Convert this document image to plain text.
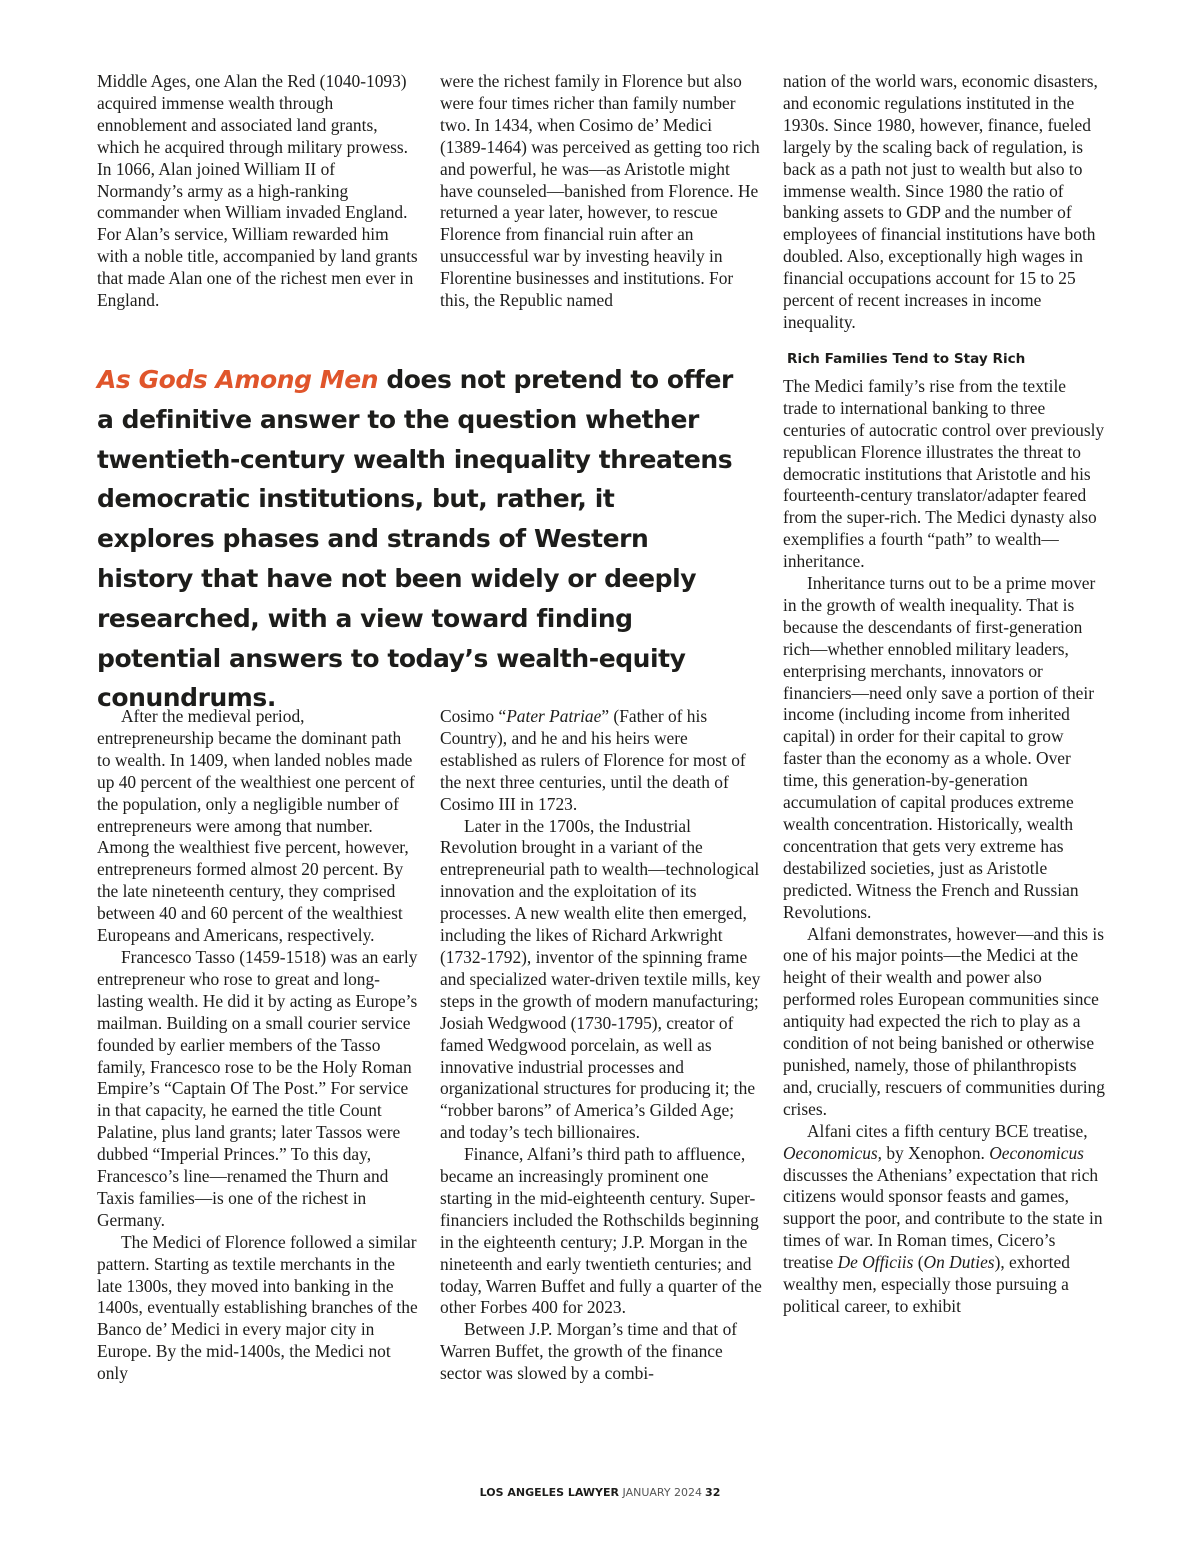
Middle Ages, one Alan the Red (1040-1093) acquired immense wealth through ennoblement and associated land grants, which he acquired through military prowess. In 1066, Alan joined William II of Normandy’s army as a high-ranking commander when William invaded England. For Alan’s service, William rewarded him with a noble title, accompanied by land grants that made Alan one of the richest men ever in England.

were the richest family in Florence but also were four times richer than family number two. In 1434, when Cosimo de’ Medici (1389-1464) was perceived as getting too rich and powerful, he was—as Aristotle might have counseled—banished from Florence. He returned a year later, however, to rescue Florence from financial ruin after an unsuccessful war by investing heavily in Florentine businesses and institutions. For this, the Republic named

As Gods Among Men does not pretend to offer a definitive answer to the question whether twentieth-century wealth inequality threatens democratic institutions, but, rather, it explores phases and strands of Western history that have not been widely or deeply researched, with a view toward finding potential answers to today’s wealth-equity conundrums.

After the medieval period, entrepreneurship became the dominant path to wealth. In 1409, when landed nobles made up 40 percent of the wealthiest one percent of the population, only a negligible number of entrepreneurs were among that number. Among the wealthiest five percent, however, entrepreneurs formed almost 20 percent. By the late nineteenth century, they comprised between 40 and 60 percent of the wealthiest Europeans and Americans, respectively.

Francesco Tasso (1459-1518) was an early entrepreneur who rose to great and long-lasting wealth. He did it by acting as Europe’s mailman. Building on a small courier service founded by earlier members of the Tasso family, Francesco rose to be the Holy Roman Empire’s “Captain Of The Post.” For service in that capacity, he earned the title Count Palatine, plus land grants; later Tassos were dubbed “Imperial Princes.” To this day, Francesco’s line—renamed the Thurn and Taxis families—is one of the richest in Germany.

The Medici of Florence followed a similar pattern. Starting as textile merchants in the late 1300s, they moved into banking in the 1400s, eventually establishing branches of the Banco de’ Medici in every major city in Europe. By the mid-1400s, the Medici not only

Cosimo “Pater Patriae” (Father of his Country), and he and his heirs were established as rulers of Florence for most of the next three centuries, until the death of Cosimo III in 1723.

Later in the 1700s, the Industrial Revolution brought in a variant of the entrepreneurial path to wealth—technological innovation and the exploitation of its processes. A new wealth elite then emerged, including the likes of Richard Arkwright (1732-1792), inventor of the spinning frame and specialized water-driven textile mills, key steps in the growth of modern manufacturing; Josiah Wedgwood (1730-1795), creator of famed Wedgwood porcelain, as well as innovative industrial processes and organizational structures for producing it; the “robber barons” of America’s Gilded Age; and today’s tech billionaires.

Finance, Alfani’s third path to affluence, became an increasingly prominent one starting in the mid-eighteenth century. Super-financiers included the Rothschilds beginning in the eighteenth century; J.P. Morgan in the nineteenth and early twentieth centuries; and today, Warren Buffet and fully a quarter of the other Forbes 400 for 2023.

Between J.P. Morgan’s time and that of Warren Buffet, the growth of the finance sector was slowed by a combi-

nation of the world wars, economic disasters, and economic regulations instituted in the 1930s. Since 1980, however, finance, fueled largely by the scaling back of regulation, is back as a path not just to wealth but also to immense wealth. Since 1980 the ratio of banking assets to GDP and the number of employees of financial institutions have both doubled. Also, exceptionally high wages in financial occupations account for 15 to 25 percent of recent increases in income inequality.

Rich Families Tend to Stay Rich

The Medici family’s rise from the textile trade to international banking to three centuries of autocratic control over previously republican Florence illustrates the threat to democratic institutions that Aristotle and his fourteenth-century translator/adapter feared from the super-rich. The Medici dynasty also exemplifies a fourth “path” to wealth—inheritance.

Inheritance turns out to be a prime mover in the growth of wealth inequality. That is because the descendants of first-generation rich—whether ennobled military leaders, enterprising merchants, innovators or financiers—need only save a portion of their income (including income from inherited capital) in order for their capital to grow faster than the economy as a whole. Over time, this generation-by-generation accumulation of capital produces extreme wealth concentration. Historically, wealth concentration that gets very extreme has destabilized societies, just as Aristotle predicted. Witness the French and Russian Revolutions.

Alfani demonstrates, however—and this is one of his major points—the Medici at the height of their wealth and power also performed roles European communities since antiquity had expected the rich to play as a condition of not being banished or otherwise punished, namely, those of philanthropists and, crucially, rescuers of communities during crises.

Alfani cites a fifth century BCE treatise, Oeconomicus, by Xenophon. Oeconomicus discusses the Athenians’ expectation that rich citizens would sponsor feasts and games, support the poor, and contribute to the state in times of war. In Roman times, Cicero’s treatise De Officiis (On Duties), exhorted wealthy men, especially those pursuing a political career, to exhibit

LOS ANGELES LAWYER JANUARY 2024 32
